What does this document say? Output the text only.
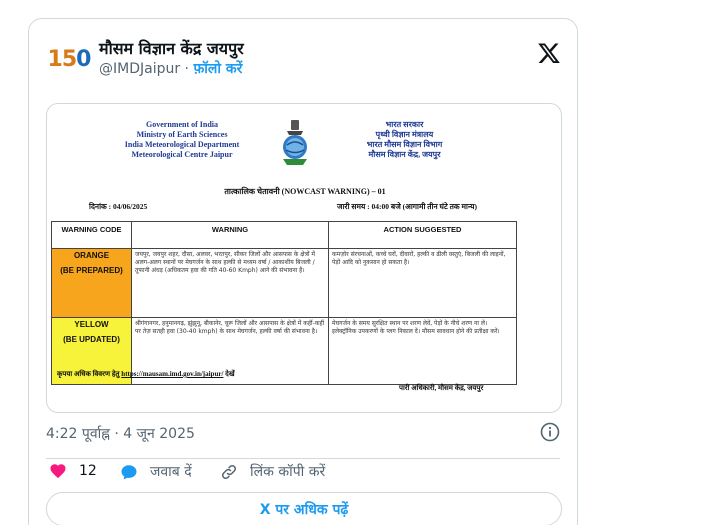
150 मौसम विज्ञान केंद्र जयपुर
@IMDJaipur · फ़ॉलो करें
Government of India
Ministry of Earth Sciences
India Meteorological Department
Meteorological Centre Jaipur
भारत सरकार
पृथ्वी विज्ञान मंत्रालय
भारत मौसम विज्ञान विभाग
मौसम विज्ञान केंद्र, जयपुर
तात्कालिक चेतावनी (NOWCAST WARNING) – 01
दिनांक : 04/06/2025	जारी समय : 04:00 बजे (आगामी तीन घंटे तक मान्य)
WARNING CODE	WARNING	ACTION SUGGESTED

ORANGE
(BE PREPARED)	जयपुर, जयपुर शहर, दौसा, अलवर, भरतपुर, सीकर जिलों और आसपास के क्षेत्रों में अलग-अलग स्थानों पर मेघगर्जन के साथ हल्की से मध्यम वर्षा / आकाशीय बिजली / तूफानी अंधड़ (अधिकतम हवा की गति 40-60 Kmph) आने की संभावना है।	कमज़ोर संरचनाओं, कच्चे घरों, दीवारों, हल्की व ढीली वस्तुएं, बिजली की लाइनों, पेड़ों आदि को नुकसान हो सकता है।

YELLOW
(BE UPDATED)	श्रीगंगानगर, हनुमानगढ़, झुंझुनू, बीकानेर, चूरू जिलों और आसपास के क्षेत्रों में कहीं-कहीं पर तेज़ सतही हवा (30-40 kmph) के साथ मेघगर्जन, हल्की वर्षा की संभावना है।	मेघगर्जन के समय सुरक्षित स्थान पर शरण लेवें, पेड़ों के नीचे शरण ना लें। इलेक्ट्रॉनिक उपकरणों के प्लग निकाल दें। मौसम सावधान होने की प्रतीक्षा करें।
कृपया अधिक विवरण हेतु https://mausam.imd.gov.in/jaipur/ देखें
पारी अधिकारी, मौसम केंद्र, जयपुर
4:22 पूर्वाह्न · 4 जून 2025
12	जवाब दें	लिंक कॉपी करें
X पर अधिक पढ़ें
